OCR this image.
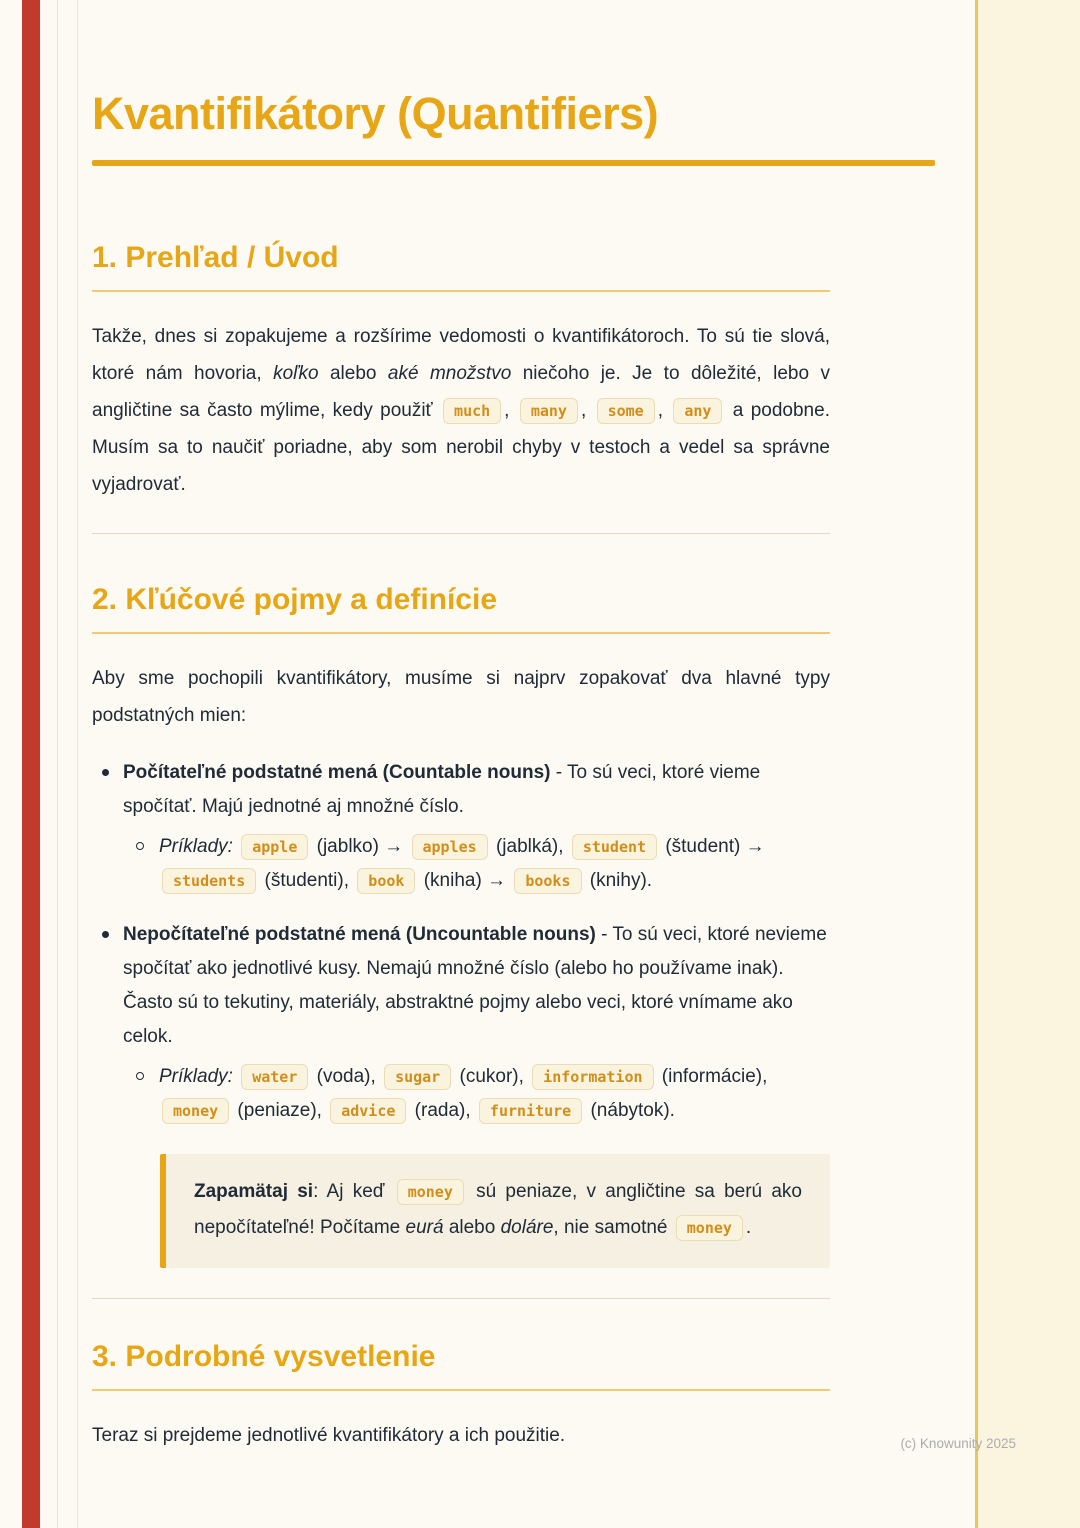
Kvantifikátory (Quantifiers)
1. Prehľad / Úvod

Takže, dnes si zopakujeme a rozšírime vedomosti o kvantifikátoroch. To sú tie slová, ktoré nám hovoria, koľko alebo aké množstvo niečoho je. Je to dôležité, lebo v angličtine sa často mýlime, kedy použiť much , many , some , any a podobne. Musím sa to naučiť poriadne, aby som nerobil chyby v testoch a vedel sa správne vyjadrovať.

2. Kľúčové pojmy a definície

Aby sme pochopili kvantifikátory, musíme si najprv zopakovať dva hlavné typy podstatných mien:

Počítateľné podstatné mená (Countable nouns) - To sú veci, ktoré vieme spočítať. Majú jednotné aj množné číslo.
Príklady: apple (jablko) → apples (jablká), student (študent) → students (študenti), book (kniha) → books (knihy).
Nepočítateľné podstatné mená (Uncountable nouns) - To sú veci, ktoré nevieme spočítať ako jednotlivé kusy. Nemajú množné číslo (alebo ho používame inak). Často sú to tekutiny, materiály, abstraktné pojmy alebo veci, ktoré vnímame ako celok.
Príklady: water (voda), sugar (cukor), information (informácie), money (peniaze), advice (rada), furniture (nábytok).
Zapamätaj si: Aj keď money sú peniaze, v angličtine sa berú ako nepočítateľné! Počítame eurá alebo doláre, nie samotné money .
3. Podrobné vysvetlenie

Teraz si prejdeme jednotlivé kvantifikátory a ich použitie.	(c) Knowunity 2025
